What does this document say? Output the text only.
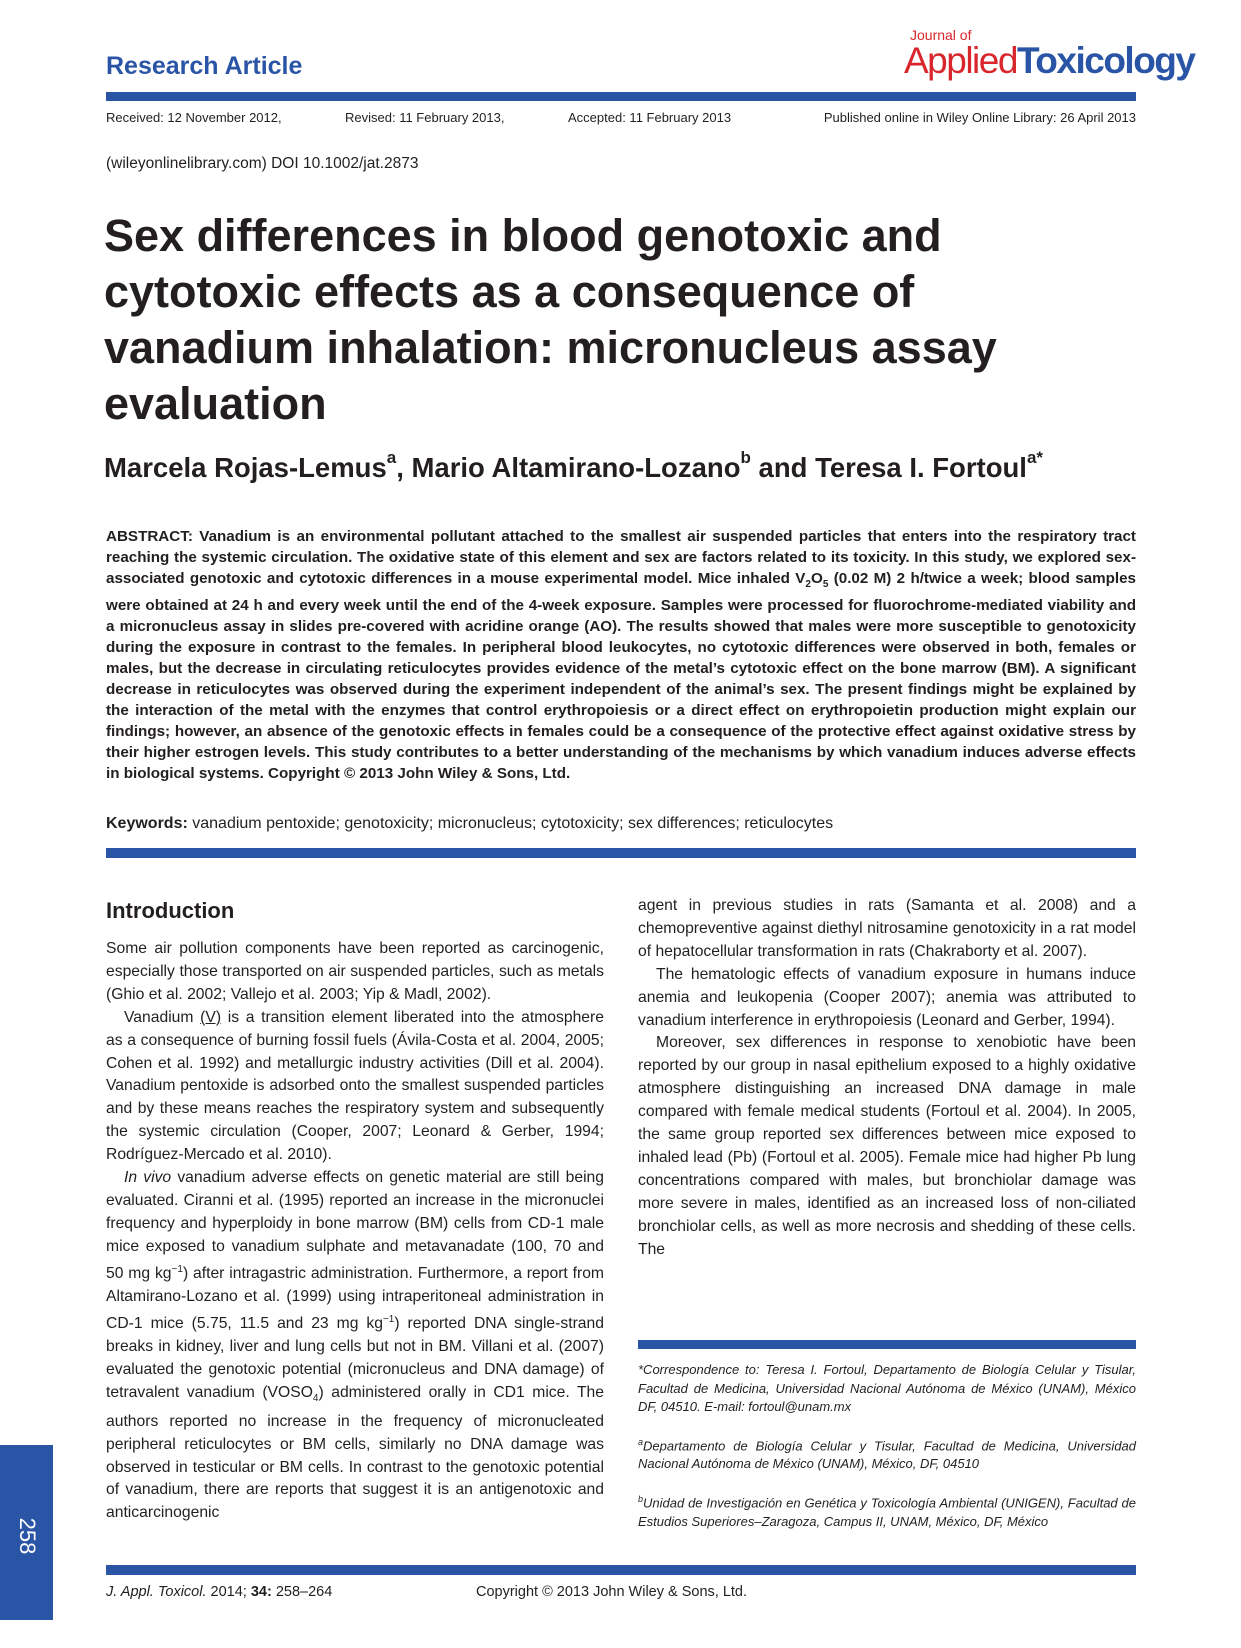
Research Article
Journal of
AppliedToxicology
Received: 12 November 2012,	Revised: 11 February 2013,	Accepted: 11 February 2013	Published online in Wiley Online Library: 26 April 2013
(wileyonlinelibrary.com) DOI 10.1002/jat.2873
Sex differences in blood genotoxic and cytotoxic effects as a consequence of vanadium inhalation: micronucleus assay evaluation
Marcela Rojas-Lemus$^a$, Mario Altamirano-Lozano$^b$ and Teresa I. Fortoul$^{a*}$
ABSTRACT: Vanadium is an environmental pollutant attached to the smallest air suspended particles that enters into the respiratory tract reaching the systemic circulation. The oxidative state of this element and sex are factors related to its toxicity. In this study, we explored sex-associated genotoxic and cytotoxic differences in a mouse experimental model. Mice inhaled $V_2O_5$ (0.02 M) 2 h/twice a week; blood samples were obtained at 24 h and every week until the end of the 4-week exposure. Samples were processed for fluorochrome-mediated viability and a micronucleus assay in slides pre-covered with acridine orange (AO). The results showed that males were more susceptible to genotoxicity during the exposure in contrast to the females. In peripheral blood leukocytes, no cytotoxic differences were observed in both, females or males, but the decrease in circulating reticulocytes provides evidence of the metal’s cytotoxic effect on the bone marrow (BM). A significant decrease in reticulocytes was observed during the experiment independent of the animal’s sex. The present findings might be explained by the interaction of the metal with the enzymes that control erythropoiesis or a direct effect on erythropoietin production might explain our findings; however, an absence of the genotoxic effects in females could be a consequence of the protective effect against oxidative stress by their higher estrogen levels. This study contributes to a better understanding of the mechanisms by which vanadium induces adverse effects in biological systems. Copyright © 2013 John Wiley & Sons, Ltd.
Keywords: vanadium pentoxide; genotoxicity; micronucleus; cytotoxicity; sex differences; reticulocytes
Introduction

Some air pollution components have been reported as carcinogenic, especially those transported on air suspended particles, such as metals (Ghio et al. 2002; Vallejo et al. 2003; Yip & Madl, 2002).

Vanadium (V) is a transition element liberated into the atmosphere as a consequence of burning fossil fuels (Ávila-Costa et al. 2004, 2005; Cohen et al. 1992) and metallurgic industry activities (Dill et al. 2004). Vanadium pentoxide is adsorbed onto the smallest suspended particles and by these means reaches the respiratory system and subsequently the systemic circulation (Cooper, 2007; Leonard & Gerber, 1994; Rodríguez-Mercado et al. 2010).

In vivo vanadium adverse effects on genetic material are still being evaluated. Ciranni et al. (1995) reported an increase in the micronuclei frequency and hyperploidy in bone marrow (BM) cells from CD-1 male mice exposed to vanadium sulphate and metavanadate (100, 70 and 50 mg $kg^{-1}$) after intragastric administration. Furthermore, a report from Altamirano-Lozano et al. (1999) using intraperitoneal administration in CD-1 mice (5.75, 11.5 and 23 mg $kg^{-1}$) reported DNA single-strand breaks in kidney, liver and lung cells but not in BM. Villani et al. (2007) evaluated the genotoxic potential (micronucleus and DNA damage) of tetravalent vanadium $(VOSO_4)$ administered orally in CD1 mice. The authors reported no increase in the frequency of micronucleated peripheral reticulocytes or BM cells, similarly no DNA damage was observed in testicular or BM cells. In contrast to the genotoxic potential of vanadium, there are reports that suggest it is an antigenotoxic and anticarcinogenic

agent in previous studies in rats (Samanta et al. 2008) and a chemopreventive against diethyl nitrosamine genotoxicity in a rat model of hepatocellular transformation in rats (Chakraborty et al. 2007).

The hematologic effects of vanadium exposure in humans induce anemia and leukopenia (Cooper 2007); anemia was attributed to vanadium interference in erythropoiesis (Leonard and Gerber, 1994).

Moreover, sex differences in response to xenobiotic have been reported by our group in nasal epithelium exposed to a highly oxidative atmosphere distinguishing an increased DNA damage in male compared with female medical students (Fortoul et al. 2004). In 2005, the same group reported sex differences between mice exposed to inhaled lead (Pb) (Fortoul et al. 2005). Female mice had higher Pb lung concentrations compared with males, but bronchiolar damage was more severe in males, identified as an increased loss of non-ciliated bronchiolar cells, as well as more necrosis and shedding of these cells. The

*Correspondence to: Teresa I. Fortoul, Departamento de Biología Celular y Tisular, Facultad de Medicina, Universidad Nacional Autónoma de México (UNAM), México DF, 04510. E-mail: fortoul@unam.mx

$^a$Departamento de Biología Celular y Tisular, Facultad de Medicina, Universidad Nacional Autónoma de México (UNAM), México, DF, 04510

$^b$Unidad de Investigación en Genética y Toxicología Ambiental (UNIGEN), Facultad de Estudios Superiores–Zaragoza, Campus II, UNAM, México, DF, México

258
J. Appl. Toxicol. 2014; 34: 258–264	Copyright © 2013 John Wiley & Sons, Ltd.
